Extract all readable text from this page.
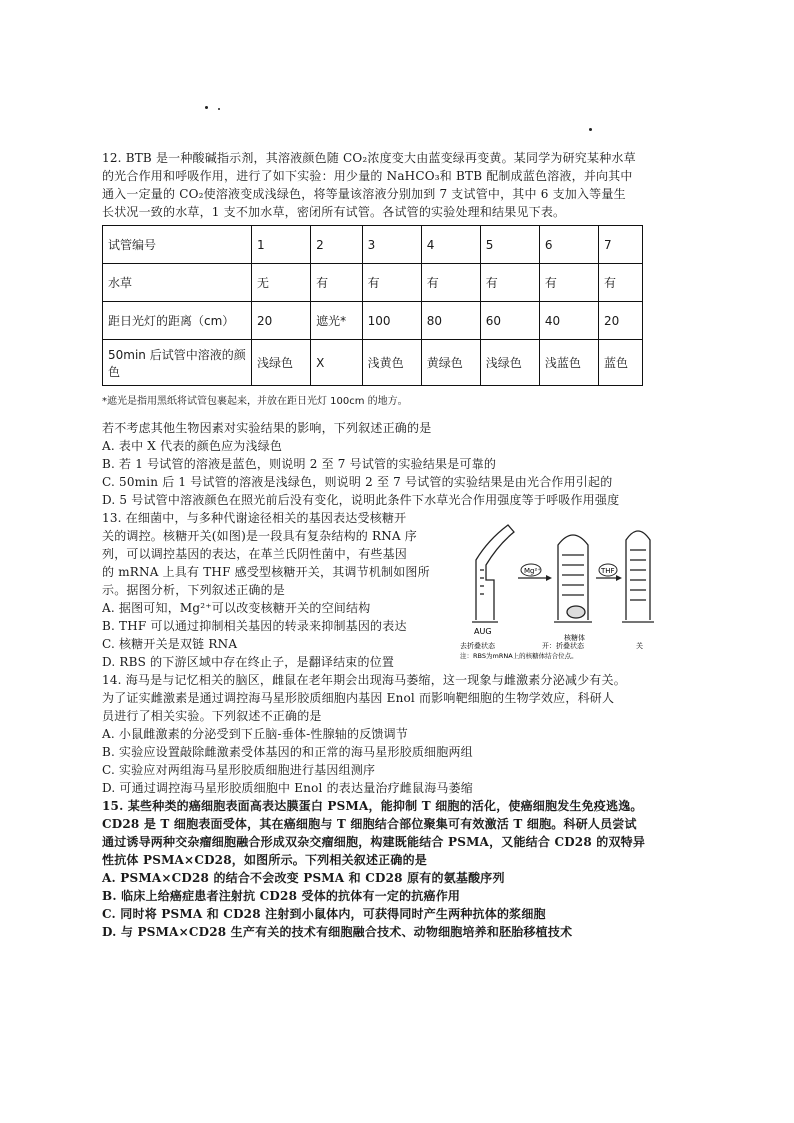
12. BTB 是一种酸碱指示剂，其溶液颜色随 CO₂浓度变大由蓝变绿再变黄。某同学为研究某种水草
的光合作用和呼吸作用，进行了如下实验：用少量的 NaHCO₃和 BTB 配制成蓝色溶液，并向其中
通入一定量的 CO₂使溶液变成浅绿色，将等量该溶液分别加到 7 支试管中，其中 6 支加入等量生
长状况一致的水草，1 支不加水草，密闭所有试管。各试管的实验处理和结果见下表。
试管编号	1	2	3	4	5	6	7
水草	无	有	有	有	有	有	有
距日光灯的距离（cm）	20	遮光*	100	80	60	40	20
50min 后试管中溶液的颜色	浅绿色	X	浅黄色	黄绿色	浅绿色	浅蓝色	蓝色
*遮光是指用黑纸将试管包裹起来，并放在距日光灯 100cm 的地方。
若不考虑其他生物因素对实验结果的影响，下列叙述正确的是
A. 表中 X 代表的颜色应为浅绿色
B. 若 1 号试管的溶液是蓝色，则说明 2 至 7 号试管的实验结果是可靠的
C. 50min 后 1 号试管的溶液是浅绿色，则说明 2 至 7 号试管的实验结果是由光合作用引起的
D. 5 号试管中溶液颜色在照光前后没有变化，说明此条件下水草光合作用强度等于呼吸作用强度
13. 在细菌中，与多种代谢途径相关的基因表达受核糖开
关的调控。核糖开关(如图)是一段具有复杂结构的 RNA 序
列，可以调控基因的表达，在革兰氏阴性菌中，有些基因
的 mRNA 上具有 THF 感受型核糖开关，其调节机制如图所
示。据图分析，下列叙述正确的是
A. 据图可知，Mg²⁺可以改变核糖开关的空间结构
B. THF 可以通过抑制相关基因的转录来抑制基因的表达
C. 核糖开关是双链 RNA
D. RBS 的下游区域中存在终止子，是翻译结束的位置
AUG
Mg²⁺
核糖体
THF
去折叠状态	开：折叠状态	关
注：RBS为mRNA上的核糖体结合位点。
14. 海马是与记忆相关的脑区，雌鼠在老年期会出现海马萎缩，这一现象与雌激素分泌减少有关。
为了证实雌激素是通过调控海马星形胶质细胞内基因 Enol 而影响靶细胞的生物学效应，科研人
员进行了相关实验。下列叙述不正确的是
A. 小鼠雌激素的分泌受到下丘脑-垂体-性腺轴的反馈调节
B. 实验应设置敲除雌激素受体基因的和正常的海马星形胶质细胞两组
C. 实验应对两组海马星形胶质细胞进行基因组测序
D. 可通过调控海马星形胶质细胞中 Enol 的表达量治疗雌鼠海马萎缩
15. 某些种类的癌细胞表面高表达膜蛋白 PSMA，能抑制 T 细胞的活化，使癌细胞发生免疫逃逸。
CD28 是 T 细胞表面受体，其在癌细胞与 T 细胞结合部位聚集可有效激活 T 细胞。科研人员尝试
通过诱导两种交杂瘤细胞融合形成双杂交瘤细胞，构建既能结合 PSMA，又能结合 CD28 的双特异
性抗体 PSMA×CD28，如图所示。下列相关叙述正确的是
A. PSMA×CD28 的结合不会改变 PSMA 和 CD28 原有的氨基酸序列
B. 临床上给癌症患者注射抗 CD28 受体的抗体有一定的抗癌作用
C. 同时将 PSMA 和 CD28 注射到小鼠体内，可获得同时产生两种抗体的浆细胞
D. 与 PSMA×CD28 生产有关的技术有细胞融合技术、动物细胞培养和胚胎移植技术
